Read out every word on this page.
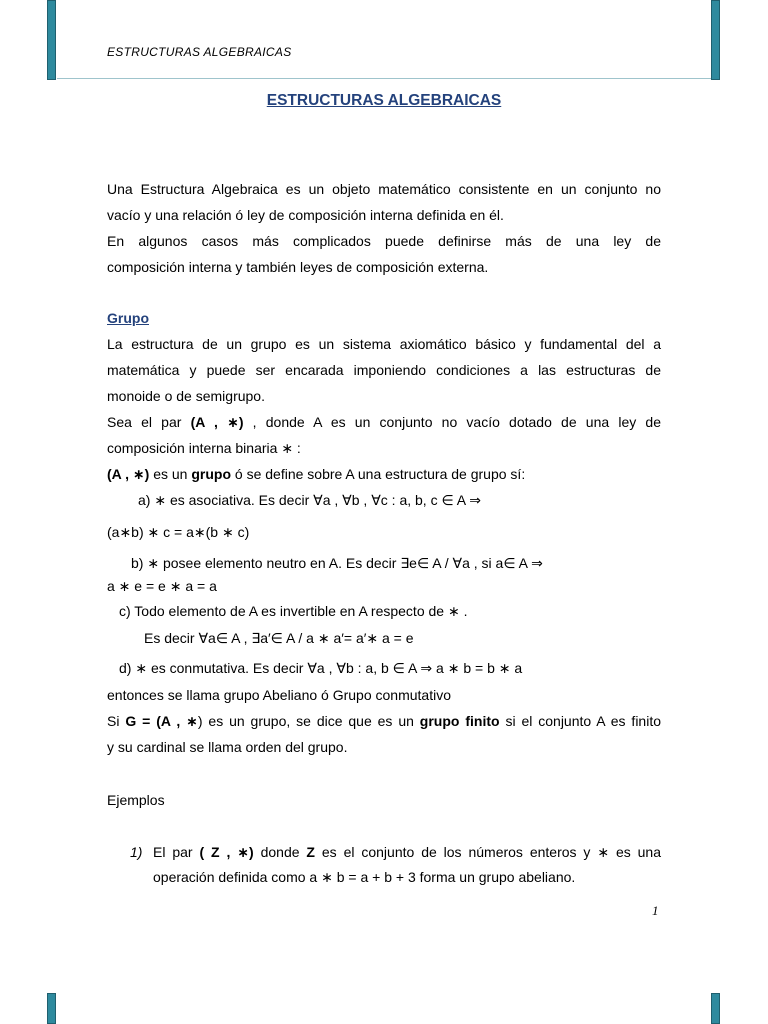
ESTRUCTURAS ALGEBRAICAS
ESTRUCTURAS ALGEBRAICAS
Una Estructura Algebraica es un objeto matemático consistente en un conjunto no
vacío y una relación ó ley de composición interna definida en él.
En algunos casos más complicados puede definirse más de una ley de
composición interna y también leyes de composición externa.
Grupo
La estructura de un grupo es un sistema axiomático básico y fundamental del a
matemática y puede ser encarada imponiendo condiciones a las estructuras de
monoide o de semigrupo.
Sea el par (A , ∗) , donde A es un conjunto no vacío dotado de una ley de
composición interna binaria ∗ :
(A , ∗) es un grupo ó se define sobre A una estructura de grupo sí:
a) ∗ es asociativa. Es decir ∀a , ∀b , ∀c : a, b, c ∈ A ⇒
(a∗b) ∗ c = a∗(b ∗ c)
b) ∗ posee elemento neutro en A. Es decir ∃e∈ A / ∀a , si a∈ A ⇒
a ∗ e = e ∗ a = a
c) Todo elemento de A es invertible en A respecto de ∗ .
Es decir ∀a∈ A , ∃a′∈ A / a ∗ a′= a′∗ a = e
d) ∗ es conmutativa. Es decir ∀a , ∀b : a, b ∈ A ⇒ a ∗ b = b ∗ a
entonces se llama grupo Abeliano ó Grupo conmutativo
Si G = (A , ∗) es un grupo, se dice que es un grupo finito si el conjunto A es finito
y su cardinal se llama orden del grupo.
Ejemplos
1) El par ( Z , ∗) donde Z es el conjunto de los números enteros y ∗ es una
operación definida como a ∗ b = a + b + 3 forma un grupo abeliano.
1
